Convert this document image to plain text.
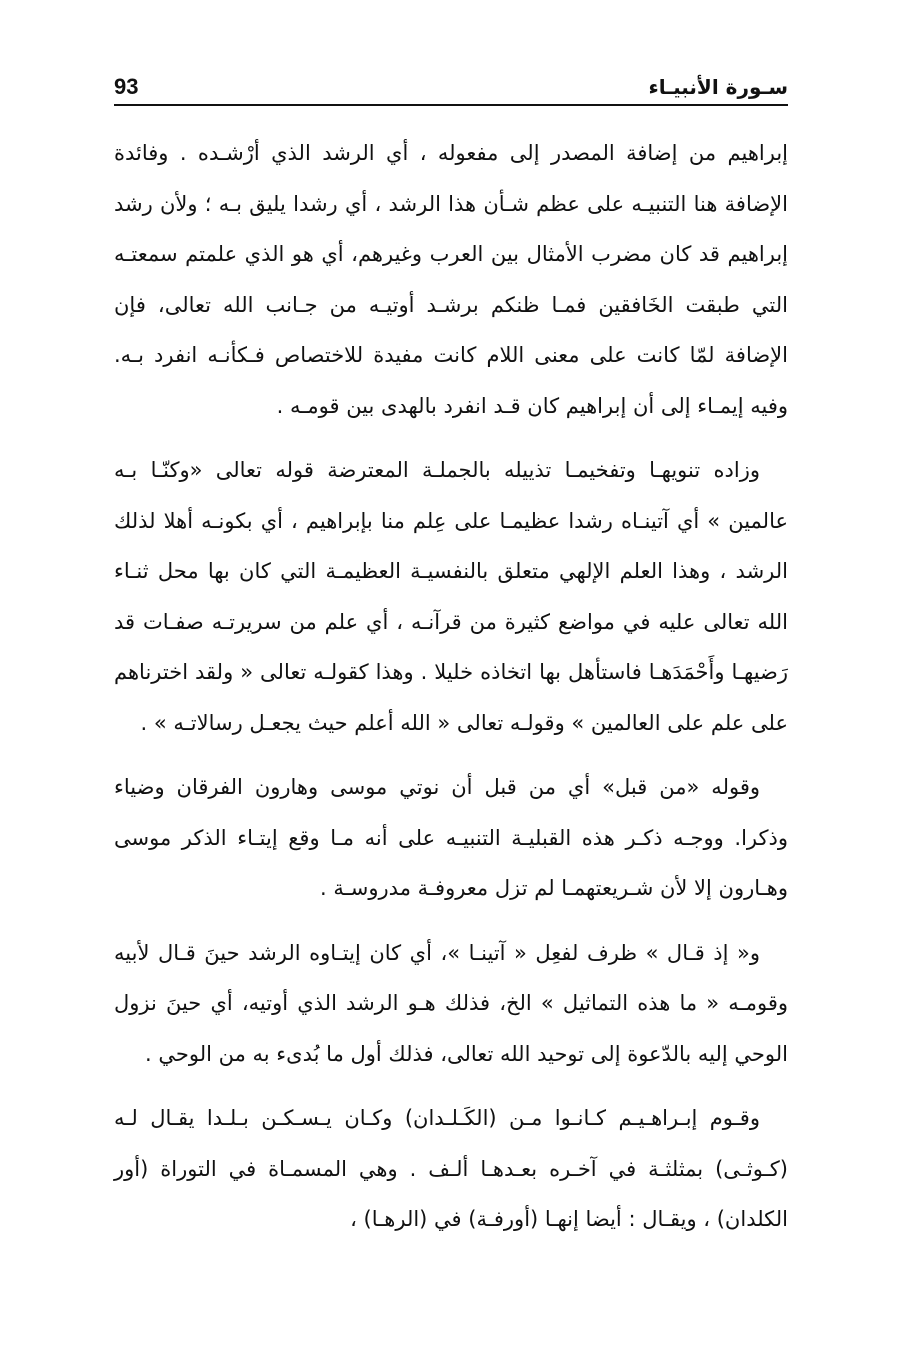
93	سـورة الأنبيـاء

إبراهيم من إضافة المصدر إلى مفعوله ، أي الرشد الذي أرْشـده . وفائدة الإضافة هنا التنبيـه على عظم شـأن هذا الرشد ، أي رشدا يليق بـه ؛ ولأن رشد إبراهيم قد كان مضرب الأمثال بين العرب وغيرهم، أي هو الذي علمتم سمعتـه التي طبقت الخَافقين فمـا ظنكم برشـد أوتيـه من جـانب الله تعالى، فإن الإضافة لمّا كانت على معنى اللام كانت مفيدة للاختصاص فـكأنـه انفرد بـه. وفيه إيمـاء إلى أن إبراهيم كان قـد انفرد بالهدى بين قومـه .

وزاده تنويهـا وتفخيمـا تذييله بالجملـة المعترضة قوله تعالى «وكنّـا بـه عالمين » أي آتينـاه رشدا عظيمـا على عِلم منا بإبراهيم ، أي بكونـه أهلا لذلك الرشد ، وهذا العلم الإلهي متعلق بالنفسيـة العظيمـة التي كان بها محل ثنـاء الله تعالى عليه في مواضع كثيرة من قرآنـه ، أي علم من سريرتـه صفـات قد رَضيهـا وأَحْمَدَهـا فاستأهل بها اتخاذه خليلا . وهذا كقولـه تعالى « ولقد اخترناهم على علم على العالمين » وقولـه تعالى « الله أعلم حيث يجعـل رسالاتـه » .

وقوله «من قبل» أي من قبل أن نوتي موسى وهارون الفرقان وضياء وذكرا. ووجـه ذكـر هذه القبليـة التنبيـه على أنه مـا وقع إيتـاء الذكر موسى وهـارون إلا لأن شـريعتهمـا لم تزل معروفـة مدروسـة .

و« إذ قـال » ظرف لفعِل « آتينـا »، أي كان إيتـاوه الرشد حينَ قـال لأبيه وقومـه « ما هذه التماثيل » الخ، فذلك هـو الرشد الذي أوتيه، أي حينَ نزول الوحي إليه بالدّعوة إلى توحيد الله تعالى، فذلك أول ما بُدىء به من الوحي .

وقـوم إبـراهـيـم كـانـوا مـن (الكَـلـدان) وكـان يـسـكـن بـلـدا يقـال لـه (كـوثـى) بمثلثـة في آخـره بعـدهـا ألـف . وهي المسمـاة في التوراة (أور الكلدان) ، ويقـال : أيضا إنهـا (أورفـة) في (الرهـا) ،
